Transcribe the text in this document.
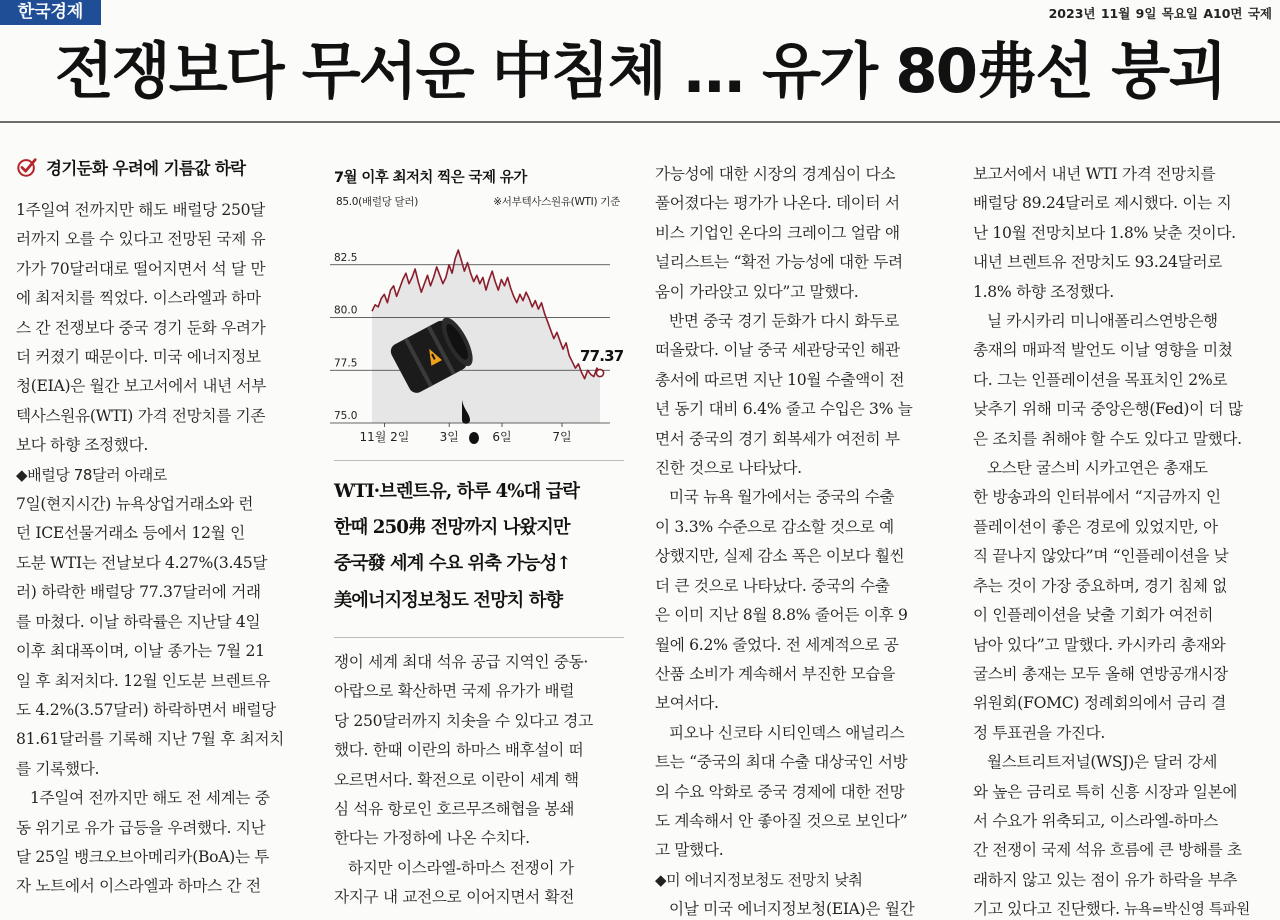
한국경제	2023년 11월 9일 목요일 A10면 국제
전쟁보다 무서운 中침체 … 유가 80弗선 붕괴
경기둔화 우려에 기름값 하락
1주일여 전까지만 해도 배럴당 250달
러까지 오를 수 있다고 전망된 국제 유
가가 70달러대로 떨어지면서 석 달 만
에 최저치를 찍었다. 이스라엘과 하마
스 간 전쟁보다 중국 경기 둔화 우려가
더 커졌기 때문이다. 미국 에너지정보
청(EIA)은 월간 보고서에서 내년 서부
텍사스원유(WTI) 가격 전망치를 기존
보다 하향 조정했다.
◆배럴당 78달러 아래로
7일(현지시간) 뉴욕상업거래소와 런
던 ICE선물거래소 등에서 12월 인
도분 WTI는 전날보다 4.27%(3.45달
러) 하락한 배럴당 77.37달러에 거래
를 마쳤다. 이날 하락률은 지난달 4일
이후 최대폭이며, 이날 종가는 7월 21
일 후 최저치다. 12월 인도분 브렌트유
도 4.2%(3.57달러) 하락하면서 배럴당
81.61달러를 기록해 지난 7월 후 최저치
를 기록했다.
1주일여 전까지만 해도 전 세계는 중
동 위기로 유가 급등을 우려했다. 지난
달 25일 뱅크오브아메리카(BoA)는 투
자 노트에서 이스라엘과 하마스 간 전
7월 이후 최저치 찍은 국제 유가
85.0(배럴당 달러)	※서부텍사스원유(WTI) 기준
75.0
77.5
80.0
82.5
77.37
11월 2일	3일	6일	7일
WTI·브렌트유, 하루 4%대 급락
한때 250弗 전망까지 나왔지만
중국發 세계 수요 위축 가능성↑
美에너지정보청도 전망치 하향
쟁이 세계 최대 석유 공급 지역인 중동·
아랍으로 확산하면 국제 유가가 배럴
당 250달러까지 치솟을 수 있다고 경고
했다. 한때 이란의 하마스 배후설이 떠
오르면서다. 확전으로 이란이 세계 핵
심 석유 항로인 호르무즈해협을 봉쇄
한다는 가정하에 나온 수치다.
하지만 이스라엘-하마스 전쟁이 가
자지구 내 교전으로 이어지면서 확전
가능성에 대한 시장의 경계심이 다소
풀어졌다는 평가가 나온다. 데이터 서
비스 기업인 온다의 크레이그 얼람 애
널리스트는 “확전 가능성에 대한 두려
움이 가라앉고 있다”고 말했다.
반면 중국 경기 둔화가 다시 화두로
떠올랐다. 이날 중국 세관당국인 해관
총서에 따르면 지난 10월 수출액이 전
년 동기 대비 6.4% 줄고 수입은 3% 늘
면서 중국의 경기 회복세가 여전히 부
진한 것으로 나타났다.
미국 뉴욕 월가에서는 중국의 수출
이 3.3% 수준으로 감소할 것으로 예
상했지만, 실제 감소 폭은 이보다 훨씬
더 큰 것으로 나타났다. 중국의 수출
은 이미 지난 8월 8.8% 줄어든 이후 9
월에 6.2% 줄었다. 전 세계적으로 공
산품 소비가 계속해서 부진한 모습을
보여서다.
피오나 신코타 시티인덱스 애널리스
트는 “중국의 최대 수출 대상국인 서방
의 수요 악화로 중국 경제에 대한 전망
도 계속해서 안 좋아질 것으로 보인다”
고 말했다.
◆미 에너지정보청도 전망치 낮춰
이날 미국 에너지정보청(EIA)은 월간
보고서에서 내년 WTI 가격 전망치를
배럴당 89.24달러로 제시했다. 이는 지
난 10월 전망치보다 1.8% 낮춘 것이다.
내년 브렌트유 전망치도 93.24달러로
1.8% 하향 조정했다.
닐 카시카리 미니애폴리스연방은행
총재의 매파적 발언도 이날 영향을 미쳤
다. 그는 인플레이션을 목표치인 2%로
낮추기 위해 미국 중앙은행(Fed)이 더 많
은 조치를 취해야 할 수도 있다고 말했다.
오스탄 굴스비 시카고연은 총재도
한 방송과의 인터뷰에서 “지금까지 인
플레이션이 좋은 경로에 있었지만, 아
직 끝나지 않았다”며 “인플레이션을 낮
추는 것이 가장 중요하며, 경기 침체 없
이 인플레이션을 낮출 기회가 여전히
남아 있다”고 말했다. 카시카리 총재와
굴스비 총재는 모두 올해 연방공개시장
위원회(FOMC) 정례회의에서 금리 결
정 투표권을 가진다.
월스트리트저널(WSJ)은 달러 강세
와 높은 금리로 특히 신흥 시장과 일본에
서 수요가 위축되고, 이스라엘-하마스
간 전쟁이 국제 석유 흐름에 큰 방해를 초
래하지 않고 있는 점이 유가 하락을 부추
기고 있다고 진단했다. 뉴욕=박신영 특파원
